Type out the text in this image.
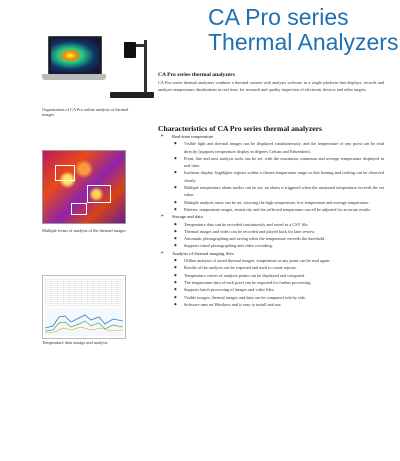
CA Pro series
Thermal Analyzers
Organization of CA Pro online analysis of thermal images
Multiple forms of analysis of the thermal images
Temperature data storage and analysis
CA Pro series thermal analyzers
CA Pro series thermal analyzers combine a thermal camera with analysis software in a single platform that displays, records and analyzes temperature distributions in real time, for research and quality inspection of electronic devices and other targets.
Characteristics of CA Pro series thermal analyzers
➢ Real-time temperature
◆ Visible light and thermal images can be displayed simultaneously, and the temperature of any point can be read directly (supports temperature display in degrees Celsius and Fahrenheit).
◆ Point, line and area analysis tools can be set, with the maximum, minimum and average temperature displayed in real time.
◆ Isotherm display: highlights regions within a chosen temperature range so that heating and cooling can be observed clearly.
◆ Multiple temperature alarm modes can be set; an alarm is triggered when the measured temperature exceeds the set value.
◆ Multiple analysis areas can be set, showing the high temperature, low temperature and average temperature.
◆ Palettes, temperature ranges, emissivity and the reflected temperature can all be adjusted for accurate results.
➢ Storage and data
◆ Temperature data can be recorded continuously and saved as a CSV file.
◆ Thermal images and video can be recorded and played back for later review.
◆ Automatic photographing and saving when the temperature exceeds the threshold.
◆ Supports timed photographing and video recording.
➢ Analysis of thermal imaging files
◆ Offline analysis of saved thermal images: temperature at any point can be read again.
◆ Results of the analysis can be exported and used to create reports.
◆ Temperature curves of analysis points can be displayed and compared.
◆ The temperature data of each pixel can be exported for further processing.
◆ Supports batch processing of images and video files.
◆ Visible images, thermal images and data can be compared side by side.
◆ Software runs on Windows and is easy to install and use.
